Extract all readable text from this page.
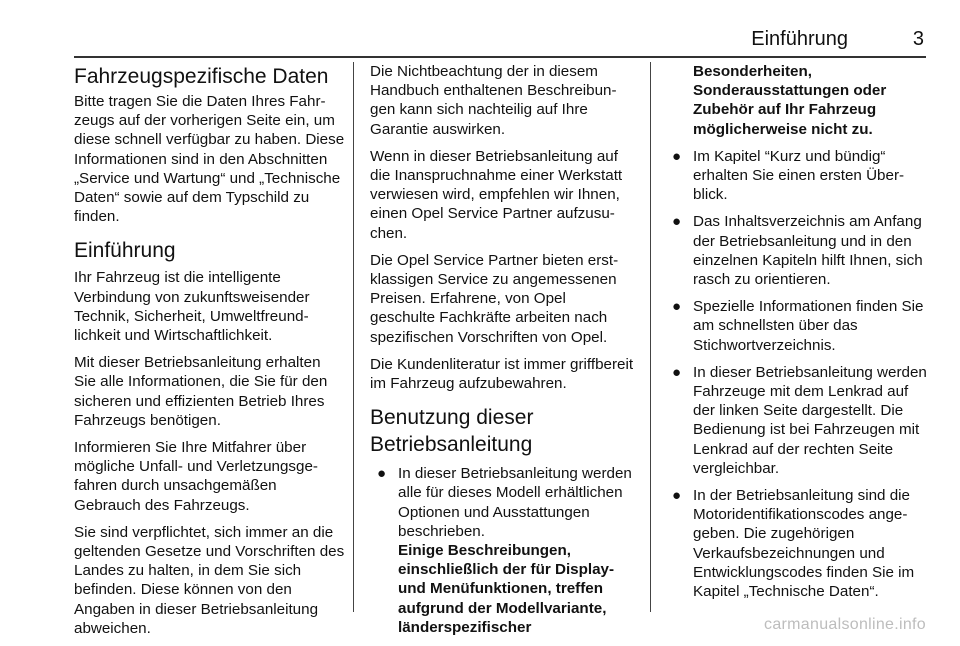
Einführung	3
Fahrzeugspezifische Daten

Bitte tragen Sie die Daten Ihres Fahrzeugs auf der vorherigen Seite ein, um diese schnell verfügbar zu haben. Diese Informationen sind in den Abschnitten „Service und Wartung“ und „Technische Daten“ sowie auf dem Typschild zu finden.

Einführung

Ihr Fahrzeug ist die intelligente Verbindung von zukunftsweisender Technik, Sicherheit, Umweltfreundlichkeit und Wirtschaftlichkeit.

Mit dieser Betriebsanleitung erhalten Sie alle Informationen, die Sie für den sicheren und effizienten Betrieb Ihres Fahrzeugs benötigen.

Informieren Sie Ihre Mitfahrer über mögliche Unfall- und Verletzungsgefahren durch unsachgemäßen Gebrauch des Fahrzeugs.

Sie sind verpflichtet, sich immer an die geltenden Gesetze und Vorschriften des Landes zu halten, in dem Sie sich befinden. Diese können von den Angaben in dieser Betriebsanleitung abweichen.

Die Nichtbeachtung der in diesem Handbuch enthaltenen Beschreibungen kann sich nachteilig auf Ihre Garantie auswirken.

Wenn in dieser Betriebsanleitung auf die Inanspruchnahme einer Werkstatt verwiesen wird, empfehlen wir Ihnen, einen Opel Service Partner aufzusuchen.

Die Opel Service Partner bieten erstklassigen Service zu angemessenen Preisen. Erfahrene, von Opel geschulte Fachkräfte arbeiten nach spezifischen Vorschriften von Opel.

Die Kundenliteratur ist immer griffbereit im Fahrzeug aufzubewahren.

Benutzung dieser Betriebsanleitung
● In dieser Betriebsanleitung werden alle für dieses Modell erhältlichen Optionen und Ausstattungen beschrieben.
Einige Beschreibungen, einschließlich der für Display- und Menüfunktionen, treffen aufgrund der Modellvariante, länderspezifischer

Besonderheiten, Sonderausstattungen oder Zubehör auf Ihr Fahrzeug möglicherweise nicht zu.

● Im Kapitel “Kurz und bündig“ erhalten Sie einen ersten Überblick.
● Das Inhaltsverzeichnis am Anfang der Betriebsanleitung und in den einzelnen Kapiteln hilft Ihnen, sich rasch zu orientieren.
● Spezielle Informationen finden Sie am schnellsten über das Stichwortverzeichnis.
● In dieser Betriebsanleitung werden Fahrzeuge mit dem Lenkrad auf der linken Seite dargestellt. Die Bedienung ist bei Fahrzeugen mit Lenkrad auf der rechten Seite vergleichbar.
● In der Betriebsanleitung sind die Motoridentifikationscodes angegeben. Die zugehörigen Verkaufsbezeichnungen und Entwicklungscodes finden Sie im Kapitel „Technische Daten“.
carmanualsonline.info
